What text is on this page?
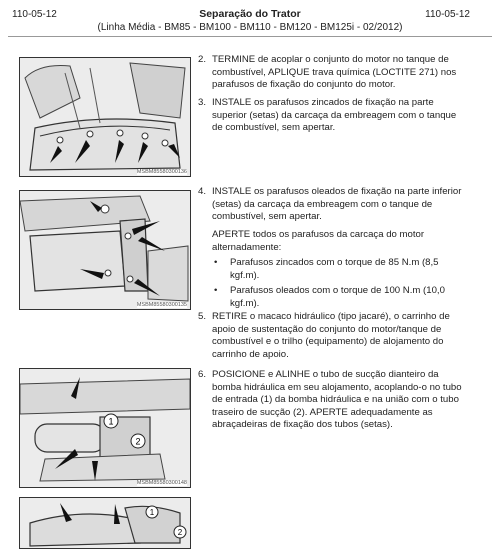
110-05-12	Separação do Trator	110-05-12
(Linha Média - BM85 - BM100 - BM110 - BM120 - BM125i - 02/2012)
MSBM85580300136
MSBM85580300135
1
2
MSBM85580300148
1
2
2. TERMINE de acoplar o conjunto do motor no tanque de combustível, APLIQUE trava química (LOCTITE 271) nos parafusos de fixação do conjunto do motor.
3. INSTALE os parafusos zincados de fixação na parte superior (setas) da carcaça da embreagem com o tanque de combustível, sem apertar.
4. INSTALE os parafusos oleados de fixação na parte inferior (setas) da carcaça da embreagem com o tanque de combustível, sem apertar.
APERTE todos os parafusos da carcaça do motor alternadamente:
• Parafusos zincados com o torque de 85 N.m (8,5 kgf.m).
• Parafusos oleados com o torque de 100 N.m (10,0 kgf.m).
5. RETIRE o macaco hidráulico (tipo jacaré), o carrinho de apoio de sustentação do conjunto do motor/tanque de combustível e o trilho (equipamento) de alojamento do carrinho de apoio.
6. POSICIONE e ALINHE o tubo de sucção dianteiro da bomba hidráulica em seu alojamento, acoplando-o no tubo de entrada (1) da bomba hidráulica e na união com o tubo traseiro de sucção (2). APERTE adequadamente as abraçadeiras de fixação dos tubos (setas).
